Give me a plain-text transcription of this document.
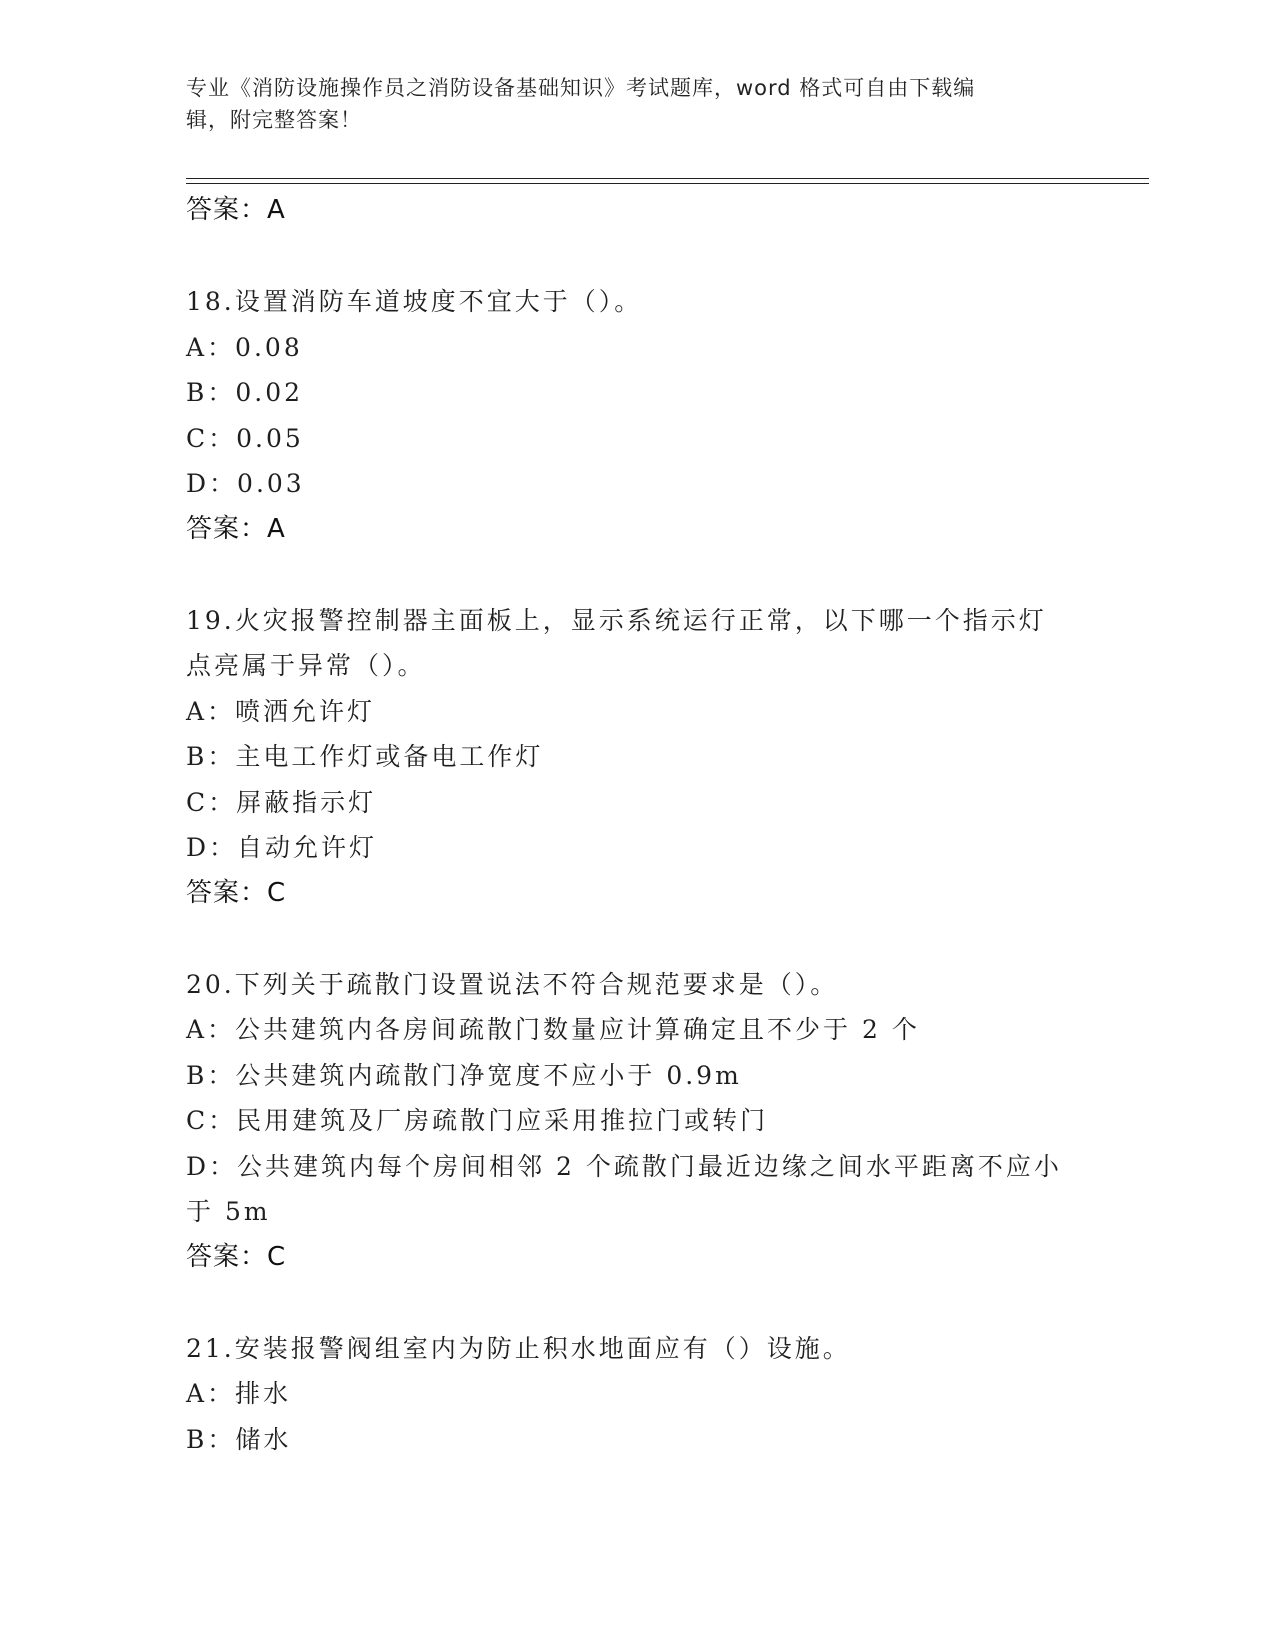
专业《消防设施操作员之消防设备基础知识》考试题库，word 格式可自由下载编
辑，附完整答案！
答案：A
18.设置消防车道坡度不宜大于（）。
A：0.08
B：0.02
C：0.05
D：0.03
答案：A
19.火灾报警控制器主面板上，显示系统运行正常，以下哪一个指示灯
点亮属于异常（）。
A：喷洒允许灯
B：主电工作灯或备电工作灯
C：屏蔽指示灯
D：自动允许灯
答案：C
20.下列关于疏散门设置说法不符合规范要求是（）。
A：公共建筑内各房间疏散门数量应计算确定且不少于 2 个
B：公共建筑内疏散门净宽度不应小于 0.9m
C：民用建筑及厂房疏散门应采用推拉门或转门
D：公共建筑内每个房间相邻 2 个疏散门最近边缘之间水平距离不应小
于 5m
答案：C
21.安装报警阀组室内为防止积水地面应有（）设施。
A：排水
B：储水
